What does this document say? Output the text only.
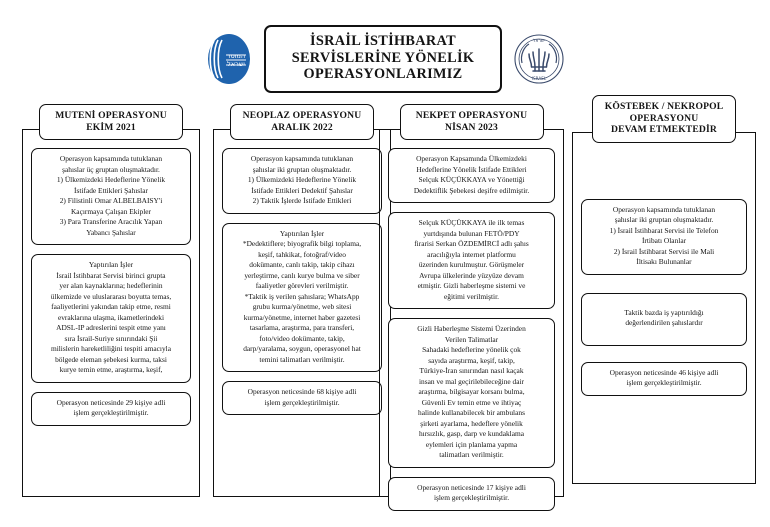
המוסד
ישראל
İSRAİL İSTİHBARAT
SERVİSLERİNE YÖNELİK
OPERASYONLARIMIZ
ישראל
ISRAEL
MUTENİ OPERASYONU
EKİM 2021
Operasyon kapsamında tutuklanan
şahıslar üç gruptan oluşmaktadır.
1) Ülkemizdeki Hedeflerine Yönelik
İstifade Ettikleri Şahıslar
2) Filistinli Omar ALBELBAISY'i
Kaçırmaya Çalışan Ekipler
3) Para Transferine Aracılık Yapan
Yabancı Şahıslar
Yaptırılan İşler
İsrail İstihbarat Servisi birinci grupta
yer alan kaynaklarına; hedeflerinin
ülkemizde ve uluslararası boyutta temas,
faaliyetlerini yakından takip etme, resmi
evraklarına ulaşma, ikametlerindeki
ADSL-IP adreslerini tespit etme yanı
sıra İsrail-Suriye sınırındaki Şii
milislerin hareketliliğini tespiti amacıyla
bölgede eleman şebekesi kurma, taksi
kurye temin etme, araştırma, keşif,
Operasyon neticesinde 29 kişiye adli
işlem gerçekleştirilmiştir.
NEOPLAZ OPERASYONU
ARALIK 2022
Operasyon kapsamında tutuklanan
şahıslar iki gruptan oluşmaktadır.
1) Ülkemizdeki Hedeflerine Yönelik
İstifade Ettikleri Dedektif Şahıslar
2) Taktik İşlerde İstifade Ettikleri
Yaptırılan İşler
*Dedektiflere; biyografik bilgi toplama,
keşif, tahkikat, fotoğraf/video
dokümante, canlı takip, takip cihazı
yerleştirme, canlı kurye bulma ve siber
faaliyetler görevleri verilmiştir.
*Taktik iş verilen şahıslara; WhatsApp
grubu kurma/yönetme, web sitesi
kurma/yönetme, internet haber gazetesi
tasarlama, araştırma, para transferi,
foto/video dokümante, takip,
darp/yaralama, soygun, operasyonel hat
temini talimatları verilmiştir.
Operasyon neticesinde 68 kişiye adli
işlem gerçekleştirilmiştir.
NEKPET OPERASYONU
NİSAN 2023
Operasyon Kapsamında Ülkemizdeki
Hedeflerine Yönelik İstifade Ettikleri
Selçuk KÜÇÜKKAYA ve Yönettiği
Dedektiflik Şebekesi deşifre edilmiştir.
Selçuk KÜÇÜKKAYA ile ilk temas
yurtdışında bulunan FETÖ/PDY
firarisi Serkan ÖZDEMİRCİ adlı şahıs
aracılığıyla internet platformu
üzerinden kurulmuştur. Görüşmeler
Avrupa ülkelerinde yüzyüze devam
etmiştir. Gizli haberleşme sistemi ve
eğitimi verilmiştir.
Gizli Haberleşme Sistemi Üzerinden
Verilen Talimatlar
Sahadaki hedeflerine yönelik çok
sayıda araştırma, keşif, takip,
Türkiye-İran sınırından nasıl kaçak
insan ve mal geçirilebileceğine dair
araştırma, bilgisayar korsanı bulma,
Güvenli Ev temin etme ve ihtiyaç
halinde kullanabilecek bir ambulans
şirketi ayarlama, hedeflere yönelik
hırsızlık, gasp, darp ve kundaklama
eylemleri için planlama yapma
talimatları verilmiştir.
Operasyon neticesinde 17 kişiye adli
işlem gerçekleştirilmiştir.
KÖSTEBEK / NEKROPOL
OPERASYONU
DEVAM ETMEKTEDİR
Operasyon kapsamında tutuklanan
şahıslar iki gruptan oluşmaktadır.
1) İsrail İstihbarat Servisi ile Telefon
İrtibatı Olanlar
2) İsrail İstihbarat Servisi ile Mali
İltisakı Bulunanlar
Taktik bazda iş yaptırıldığı
değerlendirilen şahıslardır
Operasyon neticesinde 46 kişiye adli
işlem gerçekleştirilmiştir.
